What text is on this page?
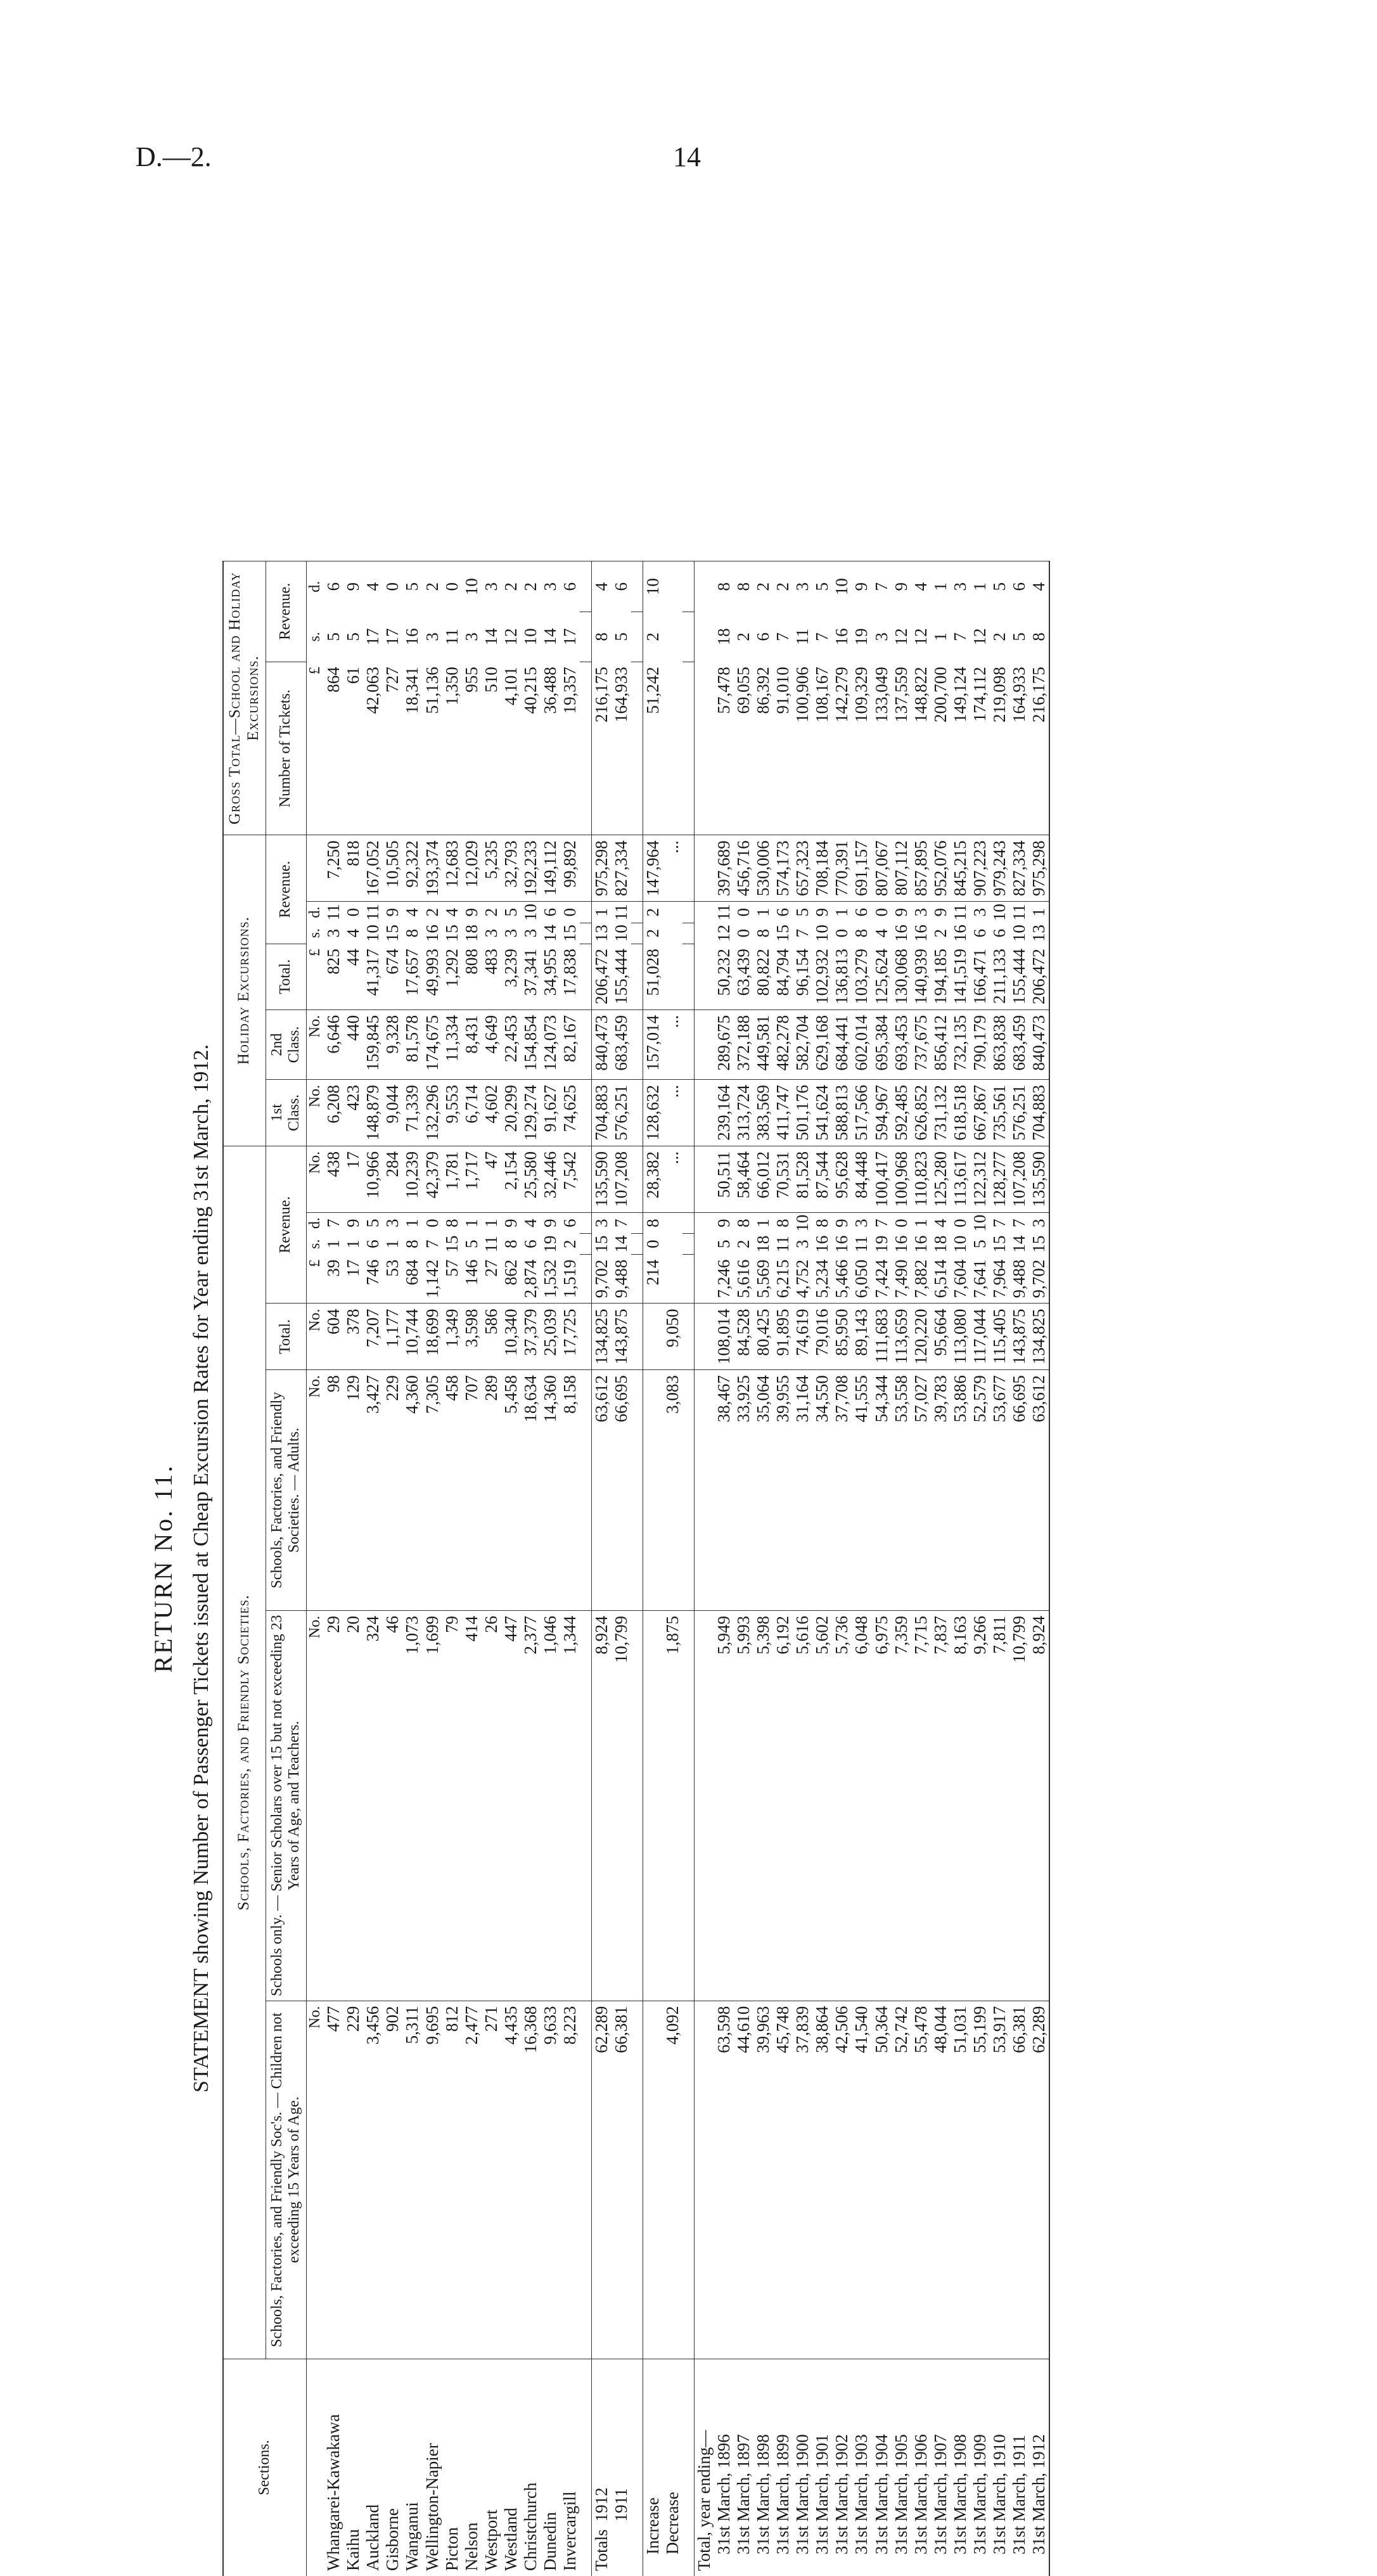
D.—2.	14
RETURN No. 11. STATEMENT showing Number of Passenger Tickets issued at Cheap Excursion Rates for Year ending 31st March, 1912.
Sections.	Schools, Factories, and Friendly Societies.								Holiday Excursions.						Gross Total—School and Holiday Excursions.		
	Schools, Factories, and Friendly Soc's. — Children not exceeding 15 Years of Age.	Schools only. — Senior Scholars over 15 but not exceeding 23 Years of Age, and Teachers.	Schools, Factories, and Friendly Societies. — Adults.	Total.	Revenue.				1st Class.	2nd Class.	Total.	Revenue.			Number of Tickets.	Revenue.	
	No.	No.	No.	No.	£	s.	d.	No.	No.	No.	£	s.	d.		£	s.	d.
Whangarei-Kawakawa	477	29	98	604	39	1	7	438	6,208	6,646	825	3	11	7,250	864	5	6
Kaihu	229	20	129	378	17	1	9	17	423	440	44	4	0	818	61	5	9
Auckland	3,456	324	3,427	7,207	746	6	5	10,966	148,879	159,845	41,317	10	11	167,052	42,063	17	4
Gisborne	902	46	229	1,177	53	1	3	284	9,044	9,328	674	15	9	10,505	727	17	0
Wanganui	5,311	1,073	4,360	10,744	684	8	1	10,239	71,339	81,578	17,657	8	4	92,322	18,341	16	5
Wellington-Napier	9,695	1,699	7,305	18,699	1,142	7	0	42,379	132,296	174,675	49,993	16	2	193,374	51,136	3	2
Picton	812	79	458	1,349	57	15	8	1,781	9,553	11,334	1,292	15	4	12,683	1,350	11	0
Nelson	2,477	414	707	3,598	146	5	1	1,717	6,714	8,431	808	18	9	12,029	955	3	10
Westport	271	26	289	586	27	11	1	47	4,602	4,649	483	3	2	5,235	510	14	3
Westland	4,435	447	5,458	10,340	862	8	9	2,154	20,299	22,453	3,239	3	5	32,793	4,101	12	2
Christchurch	16,368	2,377	18,634	37,379	2,874	6	4	25,580	129,274	154,854	37,341	3	10	192,233	40,215	10	2
Dunedin	9,633	1,046	14,360	25,039	1,532	19	9	32,446	91,627	124,073	34,955	14	6	149,112	36,488	14	3
Invercargill	8,223	1,344	8,158	17,725	1,519	2	6	7,542	74,625	82,167	17,838	15	0	99,892	19,357	17	6

Totals1912	62,289	8,924	63,612	134,825	9,702	15	3	135,590	704,883	840,473	206,472	13	1	975,298	216,175	8	4
1911	66,381	10,799	66,695	143,875	9,488	14	7	107,208	576,251	683,459	155,444	10	11	827,334	164,933	5	6

Increase					214	0	8	28,382	128,632	157,014	51,028	2	2	147,964	51,242	2	10
Decrease	4,092	1,875	3,083	9,050				...	...	...				...			

Total, year ending—																	
31st March, 1896	63,598	5,949	38,467	108,014	7,246	5	9	50,511	239,164	289,675	50,232	12	11	397,689	57,478	18	8
31st March, 1897	44,610	5,993	33,925	84,528	5,616	2	8	58,464	313,724	372,188	63,439	0	0	456,716	69,055	2	8
31st March, 1898	39,963	5,398	35,064	80,425	5,569	18	1	66,012	383,569	449,581	80,822	8	1	530,006	86,392	6	2
31st March, 1899	45,748	6,192	39,955	91,895	6,215	11	8	70,531	411,747	482,278	84,794	15	6	574,173	91,010	7	2
31st March, 1900	37,839	5,616	31,164	74,619	4,752	3	10	81,528	501,176	582,704	96,154	7	5	657,323	100,906	11	3
31st March, 1901	38,864	5,602	34,550	79,016	5,234	16	8	87,544	541,624	629,168	102,932	10	9	708,184	108,167	7	5
31st March, 1902	42,506	5,736	37,708	85,950	5,466	16	9	95,628	588,813	684,441	136,813	0	1	770,391	142,279	16	10
31st March, 1903	41,540	6,048	41,555	89,143	6,050	11	3	84,448	517,566	602,014	103,279	8	6	691,157	109,329	19	9
31st March, 1904	50,364	6,975	54,344	111,683	7,424	19	7	100,417	594,967	695,384	125,624	4	0	807,067	133,049	3	7
31st March, 1905	52,742	7,359	53,558	113,659	7,490	16	0	100,968	592,485	693,453	130,068	16	9	807,112	137,559	12	9
31st March, 1906	55,478	7,715	57,027	120,220	7,882	16	1	110,823	626,852	737,675	140,939	16	3	857,895	148,822	12	4
31st March, 1907	48,044	7,837	39,783	95,664	6,514	18	4	125,280	731,132	856,412	194,185	2	9	952,076	200,700	1	1
31st March, 1908	51,031	8,163	53,886	113,080	7,604	10	0	113,617	618,518	732,135	141,519	16	11	845,215	149,124	7	3
31st March, 1909	55,199	9,266	52,579	117,044	7,641	5	10	122,312	667,867	790,179	166,471	6	3	907,223	174,112	12	1
31st March, 1910	53,917	7,811	53,677	115,405	7,964	15	7	128,277	735,561	863,838	211,133	6	10	979,243	219,098	2	5
31st March, 1911	66,381	10,799	66,695	143,875	9,488	14	7	107,208	576,251	683,459	155,444	10	11	827,334	164,933	5	6
31st March, 1912	62,289	8,924	63,612	134,825	9,702	15	3	135,590	704,883	840,473	206,472	13	1	975,298	216,175	8	4
